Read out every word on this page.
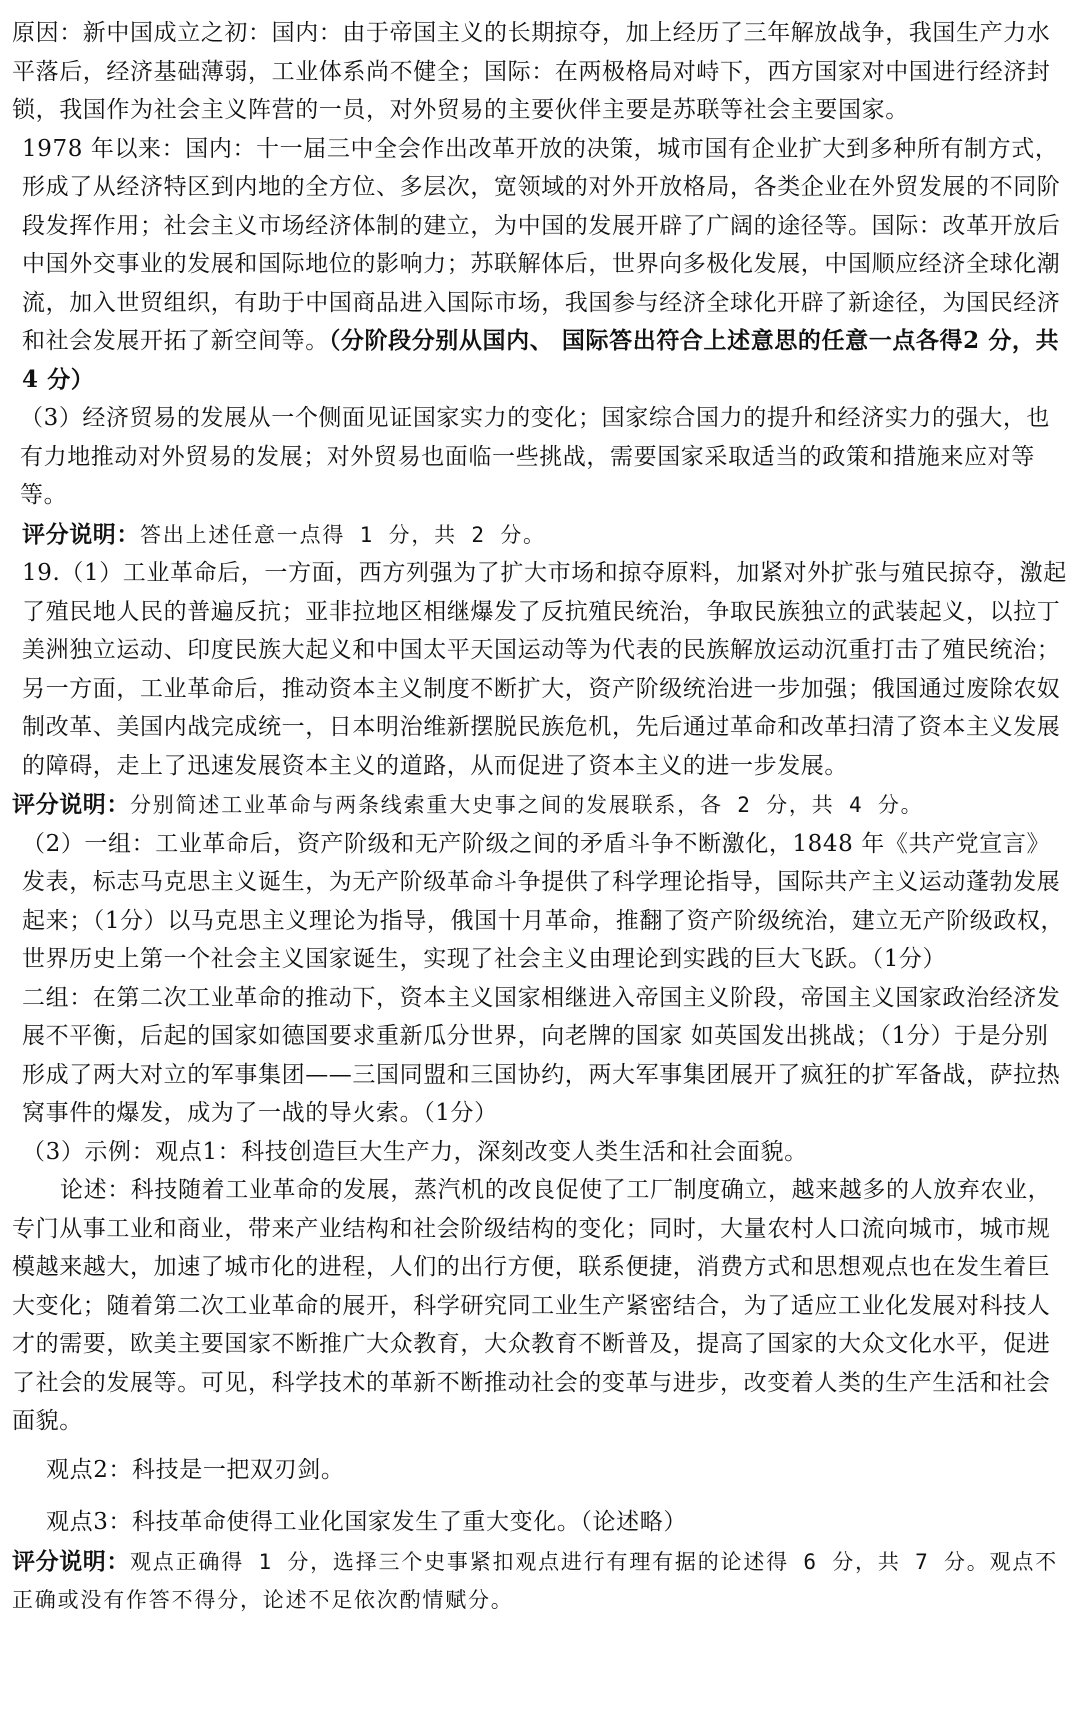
原因：新中国成立之初：国内：由于帝国主义的长期掠夺，加上经历了三年解放战争，我国生产力水平落后，经济基础薄弱，工业体系尚不健全；国际：在两极格局对峙下，西方国家对中国进行经济封锁，我国作为社会主义阵营的一员，对外贸易的主要伙伴主要是苏联等社会主要国家。

1978 年以来：国内：十一届三中全会作出改革开放的决策，城市国有企业扩大到多种所有制方式，形成了从经济特区到内地的全方位、多层次，宽领域的对外开放格局，各类企业在外贸发展的不同阶段发挥作用；社会主义市场经济体制的建立，为中国的发展开辟了广阔的途径等。国际：改革开放后中国外交事业的发展和国际地位的影响力；苏联解体后，世界向多极化发展，中国顺应经济全球化潮流，加入世贸组织，有助于中国商品进入国际市场，我国参与经济全球化开辟了新途径，为国民经济和社会发展开拓了新空间等。（分阶段分别从国内、 国际答出符合上述意思的任意一点各得2 分，共 4 分）

（3）经济贸易的发展从一个侧面见证国家实力的变化；国家综合国力的提升和经济实力的强大，也有力地推动对外贸易的发展；对外贸易也面临一些挑战，需要国家采取适当的政策和措施来应对等等。

评分说明：答出上述任意一点得 1 分，共 2 分。

19.（1）工业革命后，一方面，西方列强为了扩大市场和掠夺原料，加紧对外扩张与殖民掠夺，激起了殖民地人民的普遍反抗；亚非拉地区相继爆发了反抗殖民统治，争取民族独立的武装起义，以拉丁美洲独立运动、印度民族大起义和中国太平天国运动等为代表的民族解放运动沉重打击了殖民统治；另一方面，工业革命后，推动资本主义制度不断扩大，资产阶级统治进一步加强；俄国通过废除农奴制改革、美国内战完成统一，日本明治维新摆脱民族危机，先后通过革命和改革扫清了资本主义发展的障碍，走上了迅速发展资本主义的道路，从而促进了资本主义的进一步发展。

评分说明：分别简述工业革命与两条线索重大史事之间的发展联系，各 2 分，共 4 分。

（2）一组：工业革命后，资产阶级和无产阶级之间的矛盾斗争不断激化，1848 年《共产党宣言》发表，标志马克思主义诞生，为无产阶级革命斗争提供了科学理论指导，国际共产主义运动蓬勃发展起来；（1分）以马克思主义理论为指导，俄国十月革命，推翻了资产阶级统治，建立无产阶级政权，世界历史上第一个社会主义国家诞生，实现了社会主义由理论到实践的巨大飞跃。（1分）

二组：在第二次工业革命的推动下，资本主义国家相继进入帝国主义阶段，帝国主义国家政治经济发展不平衡，后起的国家如德国要求重新瓜分世界，向老牌的国家 如英国发出挑战；（1分）于是分别形成了两大对立的军事集团——三国同盟和三国协约，两大军事集团展开了疯狂的扩军备战，萨拉热窝事件的爆发，成为了一战的导火索。（1分）

（3）示例：观点1：科技创造巨大生产力，深刻改变人类生活和社会面貌。

论述：科技随着工业革命的发展，蒸汽机的改良促使了工厂制度确立，越来越多的人放弃农业，专门从事工业和商业，带来产业结构和社会阶级结构的变化；同时，大量农村人口流向城市，城市规模越来越大，加速了城市化的进程，人们的出行方便，联系便捷，消费方式和思想观点也在发生着巨大变化；随着第二次工业革命的展开，科学研究同工业生产紧密结合，为了适应工业化发展对科技人才的需要，欧美主要国家不断推广大众教育，大众教育不断普及，提高了国家的大众文化水平，促进了社会的发展等。可见，科学技术的革新不断推动社会的变革与进步，改变着人类的生产生活和社会面貌。

观点2：科技是一把双刃剑。

观点3：科技革命使得工业化国家发生了重大变化。（论述略）

评分说明：观点正确得 1 分，选择三个史事紧扣观点进行有理有据的论述得 6 分，共 7 分。观点不正确或没有作答不得分，论述不足依次酌情赋分。
